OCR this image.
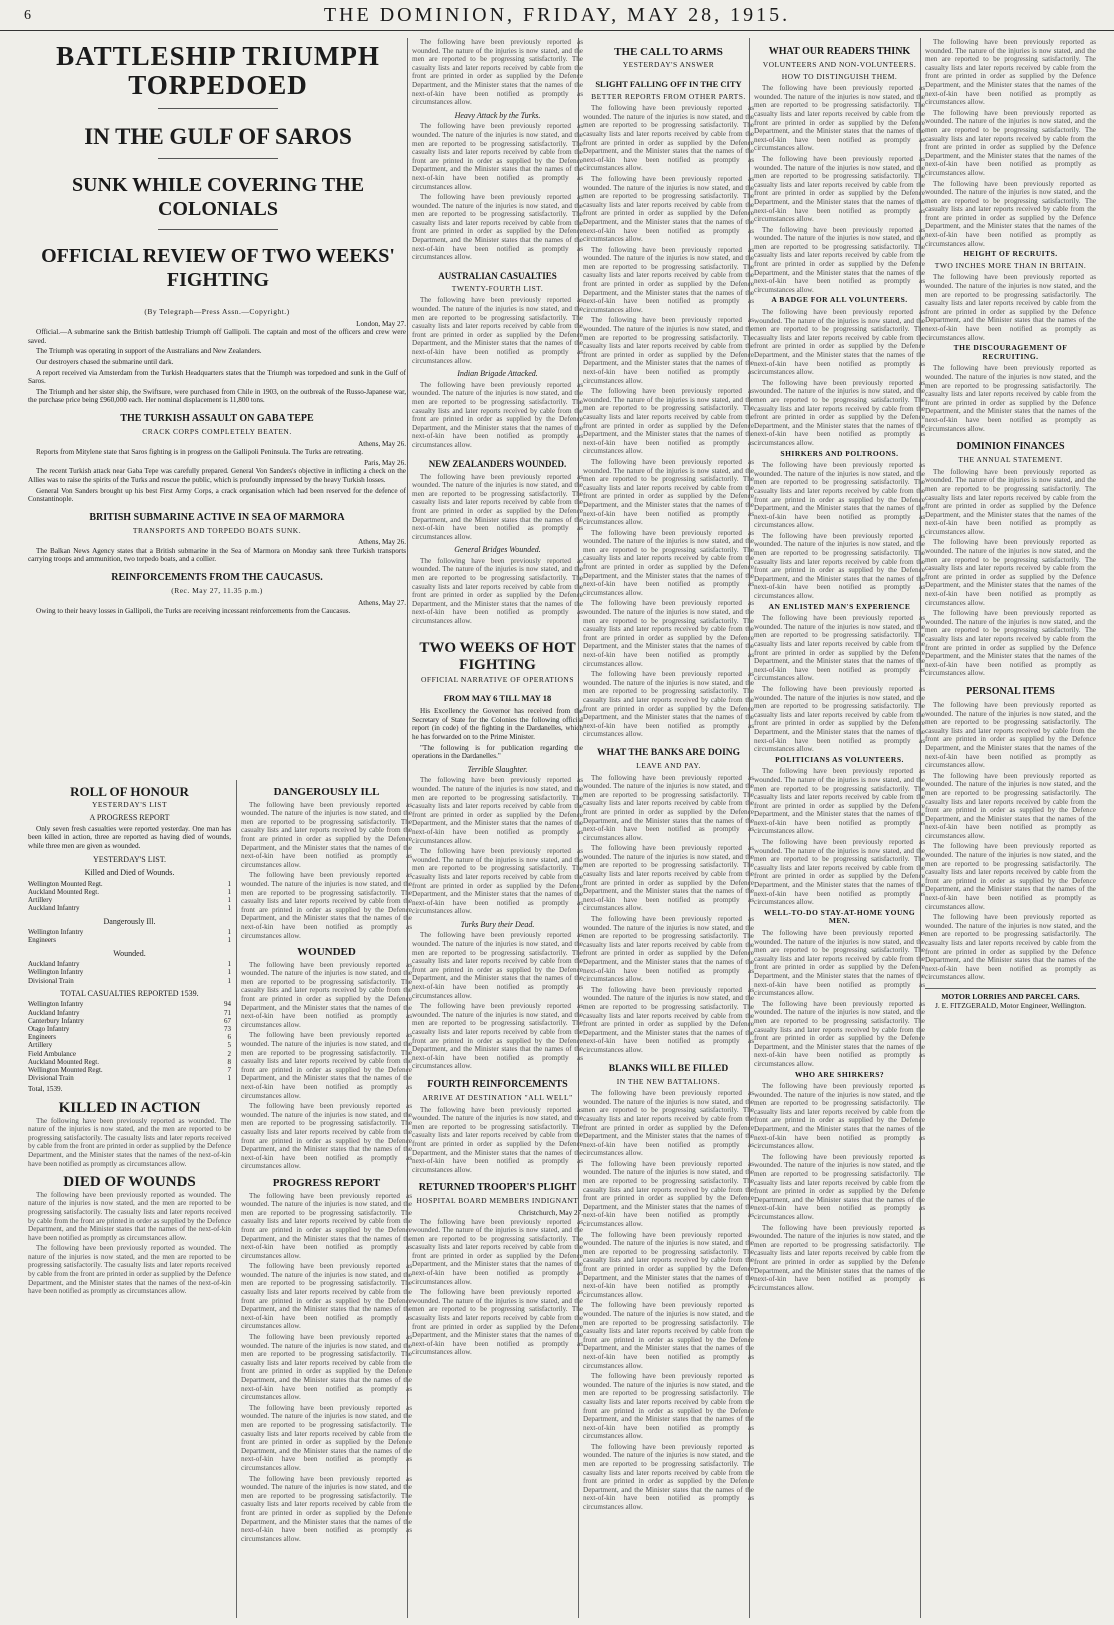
6	THE DOMINION, FRIDAY, MAY 28, 1915.
BATTLESHIP TRIUMPH TORPEDOED
IN THE GULF OF SAROS
SUNK WHILE COVERING THE COLONIALS
OFFICIAL REVIEW OF TWO WEEKS' FIGHTING
(By Telegraph—Press Assn.—Copyright.)
London, May 27.

Official.—A submarine sank the British battleship Triumph off Gallipoli. The captain and most of the officers and crew were saved.

The Triumph was operating in support of the Australians and New Zealanders.

Our destroyers chased the submarine until dark.

A report received via Amsterdam from the Turkish Headquarters states that the Triumph was torpedoed and sunk in the Gulf of Saros.

The Triumph and her sister ship, the Swiftsure, were purchased from Chile in 1903, on the outbreak of the Russo-Japanese war, the purchase price being £960,000 each. Her nominal displacement is 11,800 tons.

THE TURKISH ASSAULT ON GABA TEPE
CRACK CORPS COMPLETELY BEATEN.
Athens, May 26.

Reports from Mitylene state that Saros fighting is in progress on the Gallipoli Peninsula. The Turks are retreating.

Paris, May 26.

The recent Turkish attack near Gaba Tepe was carefully prepared. General Von Sanders's objective in inflicting a check on the Allies was to raise the spirits of the Turks and rescue the public, which is profoundly impressed by the heavy Turkish losses.

General Von Sanders brought up his best First Army Corps, a crack organisation which had been reserved for the defence of Constantinople.

BRITISH SUBMARINE ACTIVE IN SEA OF MARMORA
TRANSPORTS AND TORPEDO BOATS SUNK.
Athens, May 26.

The Balkan News Agency states that a British submarine in the Sea of Marmora on Monday sank three Turkish transports carrying troops and ammunition, two torpedo boats, and a collier.

REINFORCEMENTS FROM THE CAUCASUS.
(Rec. May 27, 11.35 p.m.)
Athens, May 27.

Owing to their heavy losses in Gallipoli, the Turks are receiving incessant reinforcements from the Caucasus.

ROLL OF HONOUR
YESTERDAY'S LIST
A PROGRESS REPORT

Only seven fresh casualties were reported yesterday. One man has been killed in action, three are reported as having died of wounds, while three men are given as wounded.

YESTERDAY'S LIST.
Killed and Died of Wounds.
Wellington Mounted Regt.	1
Auckland Mounted Regt.	1
Artillery	1
Auckland Infantry	1
Dangerously Ill.
Wellington Infantry	1
Engineers	1
Wounded.
Auckland Infantry	1
Wellington Infantry	1
Divisional Train	1
TOTAL CASUALTIES REPORTED 1539.
Wellington Infantry	94
Auckland Infantry	71
Canterbury Infantry	67
Otago Infantry	73
Engineers	6
Artillery	5
Field Ambulance	2
Auckland Mounted Regt.	8
Wellington Mounted Regt.	7
Divisional Train	1
Total, 1539.
KILLED IN ACTION

The following have been previously reported as wounded. The nature of the injuries is now stated, and the men are reported to be progressing satisfactorily. The casualty lists and later reports received by cable from the front are printed in order as supplied by the Defence Department, and the Minister states that the names of the next-of-kin have been notified as promptly as circumstances allow.

DIED OF WOUNDS

The following have been previously reported as wounded. The nature of the injuries is now stated, and the men are reported to be progressing satisfactorily. The casualty lists and later reports received by cable from the front are printed in order as supplied by the Defence Department, and the Minister states that the names of the next-of-kin have been notified as promptly as circumstances allow.

The following have been previously reported as wounded. The nature of the injuries is now stated, and the men are reported to be progressing satisfactorily. The casualty lists and later reports received by cable from the front are printed in order as supplied by the Defence Department, and the Minister states that the names of the next-of-kin have been notified as promptly as circumstances allow.

DANGEROUSLY ILL

The following have been previously reported as wounded. The nature of the injuries is now stated, and the men are reported to be progressing satisfactorily. The casualty lists and later reports received by cable from the front are printed in order as supplied by the Defence Department, and the Minister states that the names of the next-of-kin have been notified as promptly as circumstances allow.

The following have been previously reported as wounded. The nature of the injuries is now stated, and the men are reported to be progressing satisfactorily. The casualty lists and later reports received by cable from the front are printed in order as supplied by the Defence Department, and the Minister states that the names of the next-of-kin have been notified as promptly as circumstances allow.

WOUNDED

The following have been previously reported as wounded. The nature of the injuries is now stated, and the men are reported to be progressing satisfactorily. The casualty lists and later reports received by cable from the front are printed in order as supplied by the Defence Department, and the Minister states that the names of the next-of-kin have been notified as promptly as circumstances allow.

The following have been previously reported as wounded. The nature of the injuries is now stated, and the men are reported to be progressing satisfactorily. The casualty lists and later reports received by cable from the front are printed in order as supplied by the Defence Department, and the Minister states that the names of the next-of-kin have been notified as promptly as circumstances allow.

The following have been previously reported as wounded. The nature of the injuries is now stated, and the men are reported to be progressing satisfactorily. The casualty lists and later reports received by cable from the front are printed in order as supplied by the Defence Department, and the Minister states that the names of the next-of-kin have been notified as promptly as circumstances allow.

PROGRESS REPORT

The following have been previously reported as wounded. The nature of the injuries is now stated, and the men are reported to be progressing satisfactorily. The casualty lists and later reports received by cable from the front are printed in order as supplied by the Defence Department, and the Minister states that the names of the next-of-kin have been notified as promptly as circumstances allow.

The following have been previously reported as wounded. The nature of the injuries is now stated, and the men are reported to be progressing satisfactorily. The casualty lists and later reports received by cable from the front are printed in order as supplied by the Defence Department, and the Minister states that the names of the next-of-kin have been notified as promptly as circumstances allow.

The following have been previously reported as wounded. The nature of the injuries is now stated, and the men are reported to be progressing satisfactorily. The casualty lists and later reports received by cable from the front are printed in order as supplied by the Defence Department, and the Minister states that the names of the next-of-kin have been notified as promptly as circumstances allow.

The following have been previously reported as wounded. The nature of the injuries is now stated, and the men are reported to be progressing satisfactorily. The casualty lists and later reports received by cable from the front are printed in order as supplied by the Defence Department, and the Minister states that the names of the next-of-kin have been notified as promptly as circumstances allow.

The following have been previously reported as wounded. The nature of the injuries is now stated, and the men are reported to be progressing satisfactorily. The casualty lists and later reports received by cable from the front are printed in order as supplied by the Defence Department, and the Minister states that the names of the next-of-kin have been notified as promptly as circumstances allow.

The following have been previously reported as wounded. The nature of the injuries is now stated, and the men are reported to be progressing satisfactorily. The casualty lists and later reports received by cable from the front are printed in order as supplied by the Defence Department, and the Minister states that the names of the next-of-kin have been notified as promptly as circumstances allow.

Heavy Attack by the Turks.

The following have been previously reported as wounded. The nature of the injuries is now stated, and the men are reported to be progressing satisfactorily. The casualty lists and later reports received by cable from the front are printed in order as supplied by the Defence Department, and the Minister states that the names of the next-of-kin have been notified as promptly as circumstances allow.

The following have been previously reported as wounded. The nature of the injuries is now stated, and the men are reported to be progressing satisfactorily. The casualty lists and later reports received by cable from the front are printed in order as supplied by the Defence Department, and the Minister states that the names of the next-of-kin have been notified as promptly as circumstances allow.

AUSTRALIAN CASUALTIES
TWENTY-FOURTH LIST.

The following have been previously reported as wounded. The nature of the injuries is now stated, and the men are reported to be progressing satisfactorily. The casualty lists and later reports received by cable from the front are printed in order as supplied by the Defence Department, and the Minister states that the names of the next-of-kin have been notified as promptly as circumstances allow.

Indian Brigade Attacked.

The following have been previously reported as wounded. The nature of the injuries is now stated, and the men are reported to be progressing satisfactorily. The casualty lists and later reports received by cable from the front are printed in order as supplied by the Defence Department, and the Minister states that the names of the next-of-kin have been notified as promptly as circumstances allow.

NEW ZEALANDERS WOUNDED.

The following have been previously reported as wounded. The nature of the injuries is now stated, and the men are reported to be progressing satisfactorily. The casualty lists and later reports received by cable from the front are printed in order as supplied by the Defence Department, and the Minister states that the names of the next-of-kin have been notified as promptly as circumstances allow.

General Bridges Wounded.

The following have been previously reported as wounded. The nature of the injuries is now stated, and the men are reported to be progressing satisfactorily. The casualty lists and later reports received by cable from the front are printed in order as supplied by the Defence Department, and the Minister states that the names of the next-of-kin have been notified as promptly as circumstances allow.

TWO WEEKS OF HOT FIGHTING
OFFICIAL NARRATIVE OF OPERATIONS
FROM MAY 6 TILL MAY 18

His Excellency the Governor has received from the Secretary of State for the Colonies the following official report (in code) of the fighting in the Dardanelles, which he has forwarded on to the Prime Minister.

"The following is for publication regarding the operations in the Dardanelles."

Terrible Slaughter.

The following have been previously reported as wounded. The nature of the injuries is now stated, and the men are reported to be progressing satisfactorily. The casualty lists and later reports received by cable from the front are printed in order as supplied by the Defence Department, and the Minister states that the names of the next-of-kin have been notified as promptly as circumstances allow.

The following have been previously reported as wounded. The nature of the injuries is now stated, and the men are reported to be progressing satisfactorily. The casualty lists and later reports received by cable from the front are printed in order as supplied by the Defence Department, and the Minister states that the names of the next-of-kin have been notified as promptly as circumstances allow.

Turks Bury their Dead.

The following have been previously reported as wounded. The nature of the injuries is now stated, and the men are reported to be progressing satisfactorily. The casualty lists and later reports received by cable from the front are printed in order as supplied by the Defence Department, and the Minister states that the names of the next-of-kin have been notified as promptly as circumstances allow.

The following have been previously reported as wounded. The nature of the injuries is now stated, and the men are reported to be progressing satisfactorily. The casualty lists and later reports received by cable from the front are printed in order as supplied by the Defence Department, and the Minister states that the names of the next-of-kin have been notified as promptly as circumstances allow.

FOURTH REINFORCEMENTS
ARRIVE AT DESTINATION "ALL WELL"

The following have been previously reported as wounded. The nature of the injuries is now stated, and the men are reported to be progressing satisfactorily. The casualty lists and later reports received by cable from the front are printed in order as supplied by the Defence Department, and the Minister states that the names of the next-of-kin have been notified as promptly as circumstances allow.

RETURNED TROOPER'S PLIGHT
HOSPITAL BOARD MEMBERS INDIGNANT
Christchurch, May 27.

The following have been previously reported as wounded. The nature of the injuries is now stated, and the men are reported to be progressing satisfactorily. The casualty lists and later reports received by cable from the front are printed in order as supplied by the Defence Department, and the Minister states that the names of the next-of-kin have been notified as promptly as circumstances allow.

The following have been previously reported as wounded. The nature of the injuries is now stated, and the men are reported to be progressing satisfactorily. The casualty lists and later reports received by cable from the front are printed in order as supplied by the Defence Department, and the Minister states that the names of the next-of-kin have been notified as promptly as circumstances allow.

THE CALL TO ARMS
YESTERDAY'S ANSWER
SLIGHT FALLING OFF IN THE CITY
BETTER REPORTS FROM OTHER PARTS.

The following have been previously reported as wounded. The nature of the injuries is now stated, and the men are reported to be progressing satisfactorily. The casualty lists and later reports received by cable from the front are printed in order as supplied by the Defence Department, and the Minister states that the names of the next-of-kin have been notified as promptly as circumstances allow.

The following have been previously reported as wounded. The nature of the injuries is now stated, and the men are reported to be progressing satisfactorily. The casualty lists and later reports received by cable from the front are printed in order as supplied by the Defence Department, and the Minister states that the names of the next-of-kin have been notified as promptly as circumstances allow.

The following have been previously reported as wounded. The nature of the injuries is now stated, and the men are reported to be progressing satisfactorily. The casualty lists and later reports received by cable from the front are printed in order as supplied by the Defence Department, and the Minister states that the names of the next-of-kin have been notified as promptly as circumstances allow.

The following have been previously reported as wounded. The nature of the injuries is now stated, and the men are reported to be progressing satisfactorily. The casualty lists and later reports received by cable from the front are printed in order as supplied by the Defence Department, and the Minister states that the names of the next-of-kin have been notified as promptly as circumstances allow.

The following have been previously reported as wounded. The nature of the injuries is now stated, and the men are reported to be progressing satisfactorily. The casualty lists and later reports received by cable from the front are printed in order as supplied by the Defence Department, and the Minister states that the names of the next-of-kin have been notified as promptly as circumstances allow.

The following have been previously reported as wounded. The nature of the injuries is now stated, and the men are reported to be progressing satisfactorily. The casualty lists and later reports received by cable from the front are printed in order as supplied by the Defence Department, and the Minister states that the names of the next-of-kin have been notified as promptly as circumstances allow.

The following have been previously reported as wounded. The nature of the injuries is now stated, and the men are reported to be progressing satisfactorily. The casualty lists and later reports received by cable from the front are printed in order as supplied by the Defence Department, and the Minister states that the names of the next-of-kin have been notified as promptly as circumstances allow.

The following have been previously reported as wounded. The nature of the injuries is now stated, and the men are reported to be progressing satisfactorily. The casualty lists and later reports received by cable from the front are printed in order as supplied by the Defence Department, and the Minister states that the names of the next-of-kin have been notified as promptly as circumstances allow.

The following have been previously reported as wounded. The nature of the injuries is now stated, and the men are reported to be progressing satisfactorily. The casualty lists and later reports received by cable from the front are printed in order as supplied by the Defence Department, and the Minister states that the names of the next-of-kin have been notified as promptly as circumstances allow.

WHAT THE BANKS ARE DOING
LEAVE AND PAY.

The following have been previously reported as wounded. The nature of the injuries is now stated, and the men are reported to be progressing satisfactorily. The casualty lists and later reports received by cable from the front are printed in order as supplied by the Defence Department, and the Minister states that the names of the next-of-kin have been notified as promptly as circumstances allow.

The following have been previously reported as wounded. The nature of the injuries is now stated, and the men are reported to be progressing satisfactorily. The casualty lists and later reports received by cable from the front are printed in order as supplied by the Defence Department, and the Minister states that the names of the next-of-kin have been notified as promptly as circumstances allow.

The following have been previously reported as wounded. The nature of the injuries is now stated, and the men are reported to be progressing satisfactorily. The casualty lists and later reports received by cable from the front are printed in order as supplied by the Defence Department, and the Minister states that the names of the next-of-kin have been notified as promptly as circumstances allow.

The following have been previously reported as wounded. The nature of the injuries is now stated, and the men are reported to be progressing satisfactorily. The casualty lists and later reports received by cable from the front are printed in order as supplied by the Defence Department, and the Minister states that the names of the next-of-kin have been notified as promptly as circumstances allow.

BLANKS WILL BE FILLED
IN THE NEW BATTALIONS.

The following have been previously reported as wounded. The nature of the injuries is now stated, and the men are reported to be progressing satisfactorily. The casualty lists and later reports received by cable from the front are printed in order as supplied by the Defence Department, and the Minister states that the names of the next-of-kin have been notified as promptly as circumstances allow.

The following have been previously reported as wounded. The nature of the injuries is now stated, and the men are reported to be progressing satisfactorily. The casualty lists and later reports received by cable from the front are printed in order as supplied by the Defence Department, and the Minister states that the names of the next-of-kin have been notified as promptly as circumstances allow.

The following have been previously reported as wounded. The nature of the injuries is now stated, and the men are reported to be progressing satisfactorily. The casualty lists and later reports received by cable from the front are printed in order as supplied by the Defence Department, and the Minister states that the names of the next-of-kin have been notified as promptly as circumstances allow.

The following have been previously reported as wounded. The nature of the injuries is now stated, and the men are reported to be progressing satisfactorily. The casualty lists and later reports received by cable from the front are printed in order as supplied by the Defence Department, and the Minister states that the names of the next-of-kin have been notified as promptly as circumstances allow.

The following have been previously reported as wounded. The nature of the injuries is now stated, and the men are reported to be progressing satisfactorily. The casualty lists and later reports received by cable from the front are printed in order as supplied by the Defence Department, and the Minister states that the names of the next-of-kin have been notified as promptly as circumstances allow.

The following have been previously reported as wounded. The nature of the injuries is now stated, and the men are reported to be progressing satisfactorily. The casualty lists and later reports received by cable from the front are printed in order as supplied by the Defence Department, and the Minister states that the names of the next-of-kin have been notified as promptly as circumstances allow.

WHAT OUR READERS THINK
VOLUNTEERS AND NON-VOLUNTEERS.
HOW TO DISTINGUISH THEM.

The following have been previously reported as wounded. The nature of the injuries is now stated, and the men are reported to be progressing satisfactorily. The casualty lists and later reports received by cable from the front are printed in order as supplied by the Defence Department, and the Minister states that the names of the next-of-kin have been notified as promptly as circumstances allow.

The following have been previously reported as wounded. The nature of the injuries is now stated, and the men are reported to be progressing satisfactorily. The casualty lists and later reports received by cable from the front are printed in order as supplied by the Defence Department, and the Minister states that the names of the next-of-kin have been notified as promptly as circumstances allow.

The following have been previously reported as wounded. The nature of the injuries is now stated, and the men are reported to be progressing satisfactorily. The casualty lists and later reports received by cable from the front are printed in order as supplied by the Defence Department, and the Minister states that the names of the next-of-kin have been notified as promptly as circumstances allow.

A BADGE FOR ALL VOLUNTEERS.

The following have been previously reported as wounded. The nature of the injuries is now stated, and the men are reported to be progressing satisfactorily. The casualty lists and later reports received by cable from the front are printed in order as supplied by the Defence Department, and the Minister states that the names of the next-of-kin have been notified as promptly as circumstances allow.

The following have been previously reported as wounded. The nature of the injuries is now stated, and the men are reported to be progressing satisfactorily. The casualty lists and later reports received by cable from the front are printed in order as supplied by the Defence Department, and the Minister states that the names of the next-of-kin have been notified as promptly as circumstances allow.

SHIRKERS AND POLTROONS.

The following have been previously reported as wounded. The nature of the injuries is now stated, and the men are reported to be progressing satisfactorily. The casualty lists and later reports received by cable from the front are printed in order as supplied by the Defence Department, and the Minister states that the names of the next-of-kin have been notified as promptly as circumstances allow.

The following have been previously reported as wounded. The nature of the injuries is now stated, and the men are reported to be progressing satisfactorily. The casualty lists and later reports received by cable from the front are printed in order as supplied by the Defence Department, and the Minister states that the names of the next-of-kin have been notified as promptly as circumstances allow.

AN ENLISTED MAN'S EXPERIENCE

The following have been previously reported as wounded. The nature of the injuries is now stated, and the men are reported to be progressing satisfactorily. The casualty lists and later reports received by cable from the front are printed in order as supplied by the Defence Department, and the Minister states that the names of the next-of-kin have been notified as promptly as circumstances allow.

The following have been previously reported as wounded. The nature of the injuries is now stated, and the men are reported to be progressing satisfactorily. The casualty lists and later reports received by cable from the front are printed in order as supplied by the Defence Department, and the Minister states that the names of the next-of-kin have been notified as promptly as circumstances allow.

POLITICIANS AS VOLUNTEERS.

The following have been previously reported as wounded. The nature of the injuries is now stated, and the men are reported to be progressing satisfactorily. The casualty lists and later reports received by cable from the front are printed in order as supplied by the Defence Department, and the Minister states that the names of the next-of-kin have been notified as promptly as circumstances allow.

The following have been previously reported as wounded. The nature of the injuries is now stated, and the men are reported to be progressing satisfactorily. The casualty lists and later reports received by cable from the front are printed in order as supplied by the Defence Department, and the Minister states that the names of the next-of-kin have been notified as promptly as circumstances allow.

WELL-TO-DO STAY-AT-HOME YOUNG MEN.

The following have been previously reported as wounded. The nature of the injuries is now stated, and the men are reported to be progressing satisfactorily. The casualty lists and later reports received by cable from the front are printed in order as supplied by the Defence Department, and the Minister states that the names of the next-of-kin have been notified as promptly as circumstances allow.

The following have been previously reported as wounded. The nature of the injuries is now stated, and the men are reported to be progressing satisfactorily. The casualty lists and later reports received by cable from the front are printed in order as supplied by the Defence Department, and the Minister states that the names of the next-of-kin have been notified as promptly as circumstances allow.

WHO ARE SHIRKERS?

The following have been previously reported as wounded. The nature of the injuries is now stated, and the men are reported to be progressing satisfactorily. The casualty lists and later reports received by cable from the front are printed in order as supplied by the Defence Department, and the Minister states that the names of the next-of-kin have been notified as promptly as circumstances allow.

The following have been previously reported as wounded. The nature of the injuries is now stated, and the men are reported to be progressing satisfactorily. The casualty lists and later reports received by cable from the front are printed in order as supplied by the Defence Department, and the Minister states that the names of the next-of-kin have been notified as promptly as circumstances allow.

The following have been previously reported as wounded. The nature of the injuries is now stated, and the men are reported to be progressing satisfactorily. The casualty lists and later reports received by cable from the front are printed in order as supplied by the Defence Department, and the Minister states that the names of the next-of-kin have been notified as promptly as circumstances allow.

The following have been previously reported as wounded. The nature of the injuries is now stated, and the men are reported to be progressing satisfactorily. The casualty lists and later reports received by cable from the front are printed in order as supplied by the Defence Department, and the Minister states that the names of the next-of-kin have been notified as promptly as circumstances allow.

The following have been previously reported as wounded. The nature of the injuries is now stated, and the men are reported to be progressing satisfactorily. The casualty lists and later reports received by cable from the front are printed in order as supplied by the Defence Department, and the Minister states that the names of the next-of-kin have been notified as promptly as circumstances allow.

The following have been previously reported as wounded. The nature of the injuries is now stated, and the men are reported to be progressing satisfactorily. The casualty lists and later reports received by cable from the front are printed in order as supplied by the Defence Department, and the Minister states that the names of the next-of-kin have been notified as promptly as circumstances allow.

HEIGHT OF RECRUITS.
TWO INCHES MORE THAN IN BRITAIN.

The following have been previously reported as wounded. The nature of the injuries is now stated, and the men are reported to be progressing satisfactorily. The casualty lists and later reports received by cable from the front are printed in order as supplied by the Defence Department, and the Minister states that the names of the next-of-kin have been notified as promptly as circumstances allow.

THE DISCOURAGEMENT OF RECRUITING.

The following have been previously reported as wounded. The nature of the injuries is now stated, and the men are reported to be progressing satisfactorily. The casualty lists and later reports received by cable from the front are printed in order as supplied by the Defence Department, and the Minister states that the names of the next-of-kin have been notified as promptly as circumstances allow.

DOMINION FINANCES
THE ANNUAL STATEMENT.

The following have been previously reported as wounded. The nature of the injuries is now stated, and the men are reported to be progressing satisfactorily. The casualty lists and later reports received by cable from the front are printed in order as supplied by the Defence Department, and the Minister states that the names of the next-of-kin have been notified as promptly as circumstances allow.

The following have been previously reported as wounded. The nature of the injuries is now stated, and the men are reported to be progressing satisfactorily. The casualty lists and later reports received by cable from the front are printed in order as supplied by the Defence Department, and the Minister states that the names of the next-of-kin have been notified as promptly as circumstances allow.

The following have been previously reported as wounded. The nature of the injuries is now stated, and the men are reported to be progressing satisfactorily. The casualty lists and later reports received by cable from the front are printed in order as supplied by the Defence Department, and the Minister states that the names of the next-of-kin have been notified as promptly as circumstances allow.

PERSONAL ITEMS

The following have been previously reported as wounded. The nature of the injuries is now stated, and the men are reported to be progressing satisfactorily. The casualty lists and later reports received by cable from the front are printed in order as supplied by the Defence Department, and the Minister states that the names of the next-of-kin have been notified as promptly as circumstances allow.

The following have been previously reported as wounded. The nature of the injuries is now stated, and the men are reported to be progressing satisfactorily. The casualty lists and later reports received by cable from the front are printed in order as supplied by the Defence Department, and the Minister states that the names of the next-of-kin have been notified as promptly as circumstances allow.

The following have been previously reported as wounded. The nature of the injuries is now stated, and the men are reported to be progressing satisfactorily. The casualty lists and later reports received by cable from the front are printed in order as supplied by the Defence Department, and the Minister states that the names of the next-of-kin have been notified as promptly as circumstances allow.

The following have been previously reported as wounded. The nature of the injuries is now stated, and the men are reported to be progressing satisfactorily. The casualty lists and later reports received by cable from the front are printed in order as supplied by the Defence Department, and the Minister states that the names of the next-of-kin have been notified as promptly as circumstances allow.

MOTOR LORRIES AND PARCEL CARS.
J. E. FITZGERALD, Motor Engineer, Wellington.
